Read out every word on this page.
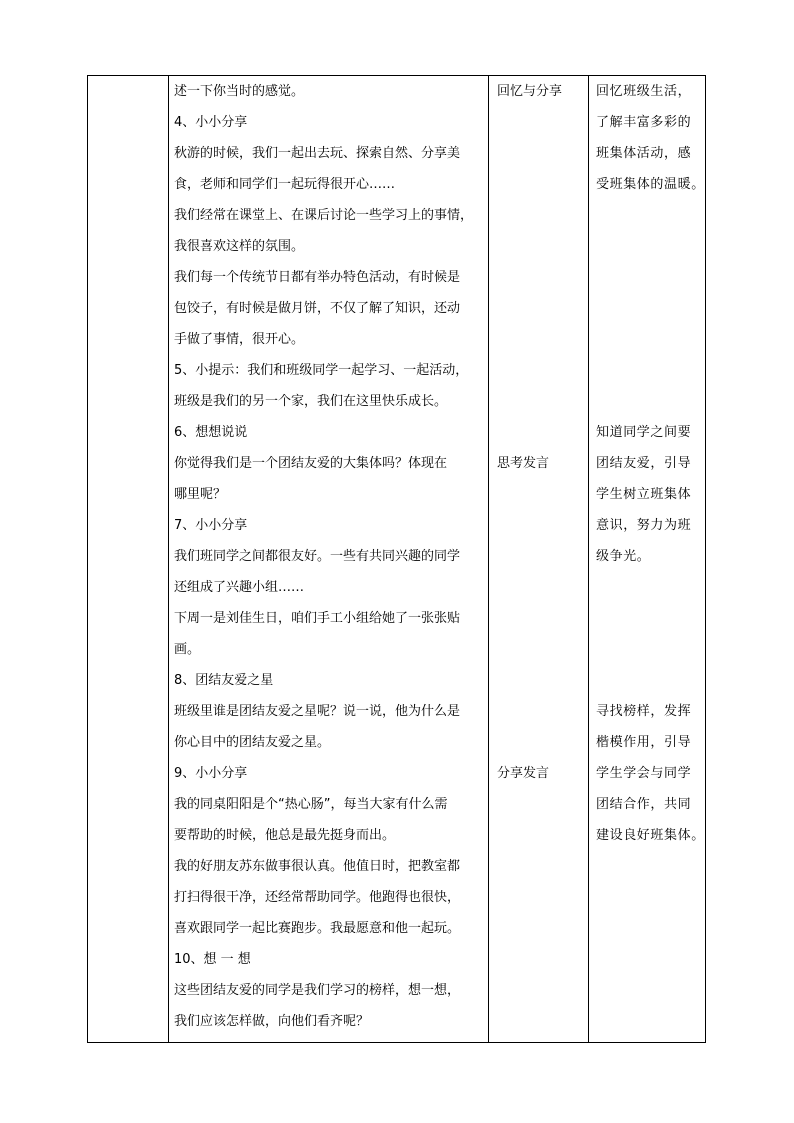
述一下你当时的感觉。
4、小小分享
秋游的时候，我们一起出去玩、探索自然、分享美
食，老师和同学们一起玩得很开心……
我们经常在课堂上、在课后讨论一些学习上的事情，
我很喜欢这样的氛围。
我们每一个传统节日都有举办特色活动，有时候是
包饺子，有时候是做月饼，不仅了解了知识，还动
手做了事情，很开心。
5、小提示：我们和班级同学一起学习、一起活动，
班级是我们的另一个家，我们在这里快乐成长。
6、想想说说
你觉得我们是一个团结友爱的大集体吗？体现在
哪里呢？
7、小小分享
我们班同学之间都很友好。一些有共同兴趣的同学
还组成了兴趣小组……
下周一是刘佳生日，咱们手工小组给她了一张张贴
画。
8、团结友爱之星
班级里谁是团结友爱之星呢？说一说，他为什么是
你心目中的团结友爱之星。
9、小小分享
我的同桌阳阳是个“热心肠”，每当大家有什么需
要帮助的时候，他总是最先挺身而出。
我的好朋友苏东做事很认真。他值日时，把教室都
打扫得很干净，还经常帮助同学。他跑得也很快，
喜欢跟同学一起比赛跑步。我最愿意和他一起玩。
10、想 一 想
这些团结友爱的同学是我们学习的榜样，想一想，
我们应该怎样做，向他们看齐呢？
回忆与分享
思考发言
分享发言
回忆班级生活，
了解丰富多彩的
班集体活动，感
受班集体的温暖。
知道同学之间要
团结友爱，引导
学生树立班集体
意识，努力为班
级争光。
寻找榜样，发挥
楷模作用，引导
学生学会与同学
团结合作，共同
建设良好班集体。
